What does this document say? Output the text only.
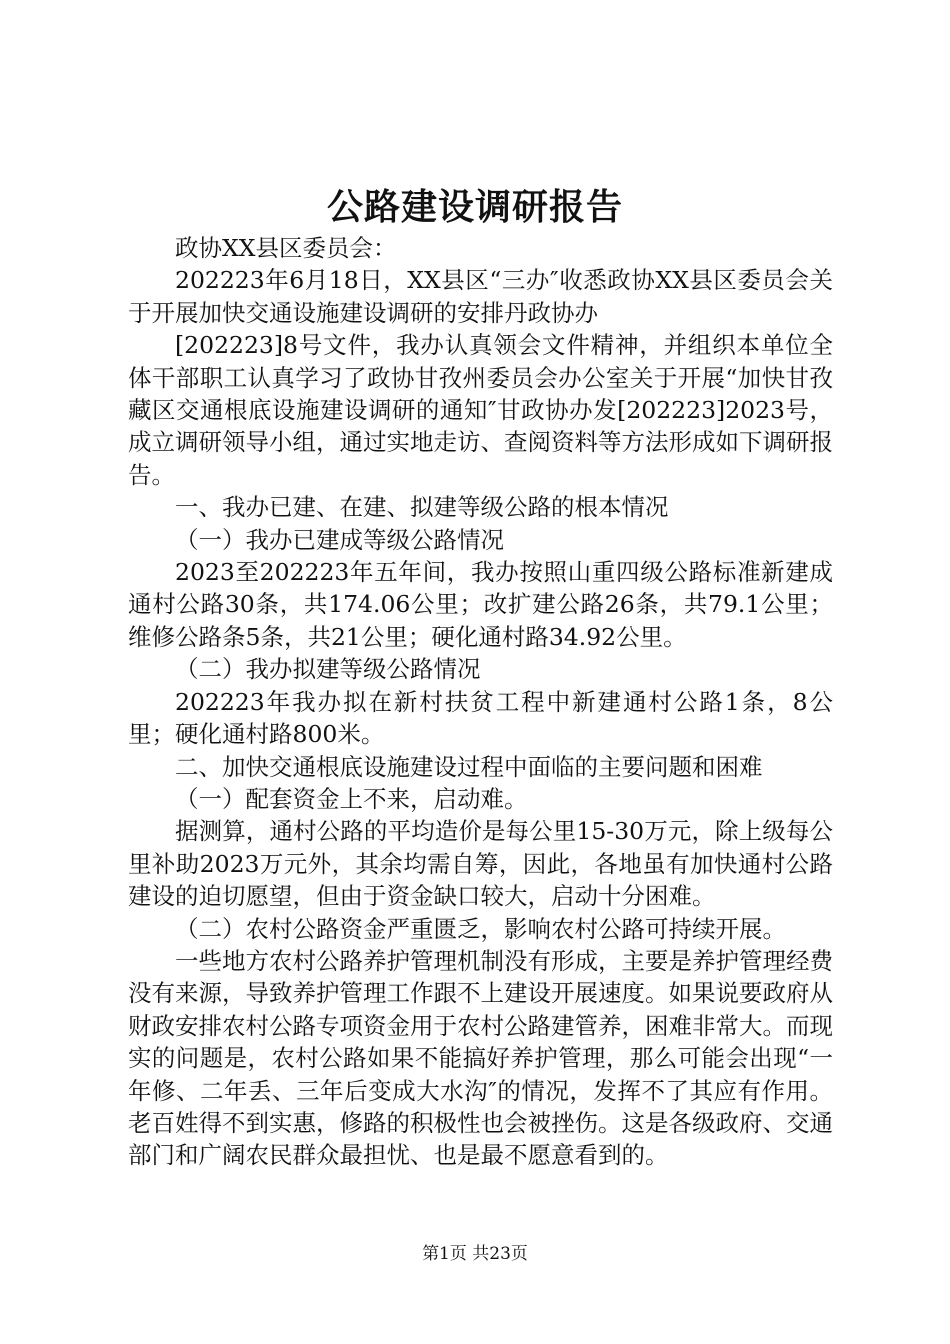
公路建设调研报告

政协XX县区委员会：

202223年6月18日，XX县区“三办″收悉政协XX县区委员会关于开展加快交通设施建设调研的安排丹政协办

[202223]8号文件，我办认真领会文件精神，并组织本单位全体干部职工认真学习了政协甘孜州委员会办公室关于开展“加快甘孜藏区交通根底设施建设调研的通知″甘政协办发[202223]2023号，成立调研领导小组，通过实地走访、查阅资料等方法形成如下调研报告。

一、我办已建、在建、拟建等级公路的根本情况

（一）我办已建成等级公路情况

2023至202223年五年间，我办按照山重四级公路标准新建成通村公路30条，共174.06公里；改扩建公路26条，共79.1公里；维修公路条5条，共21公里；硬化通村路34.92公里。

（二）我办拟建等级公路情况

202223年我办拟在新村扶贫工程中新建通村公路1条，8公里；硬化通村路800米。

二、加快交通根底设施建设过程中面临的主要问题和困难

（一）配套资金上不来，启动难。

据测算，通村公路的平均造价是每公里15-30万元，除上级每公里补助2023万元外，其余均需自筹，因此，各地虽有加快通村公路建设的迫切愿望，但由于资金缺口较大，启动十分困难。

（二）农村公路资金严重匮乏，影响农村公路可持续开展。

一些地方农村公路养护管理机制没有形成，主要是养护管理经费没有来源，导致养护管理工作跟不上建设开展速度。如果说要政府从财政安排农村公路专项资金用于农村公路建管养，困难非常大。而现实的问题是，农村公路如果不能搞好养护管理，那么可能会出现“一年修、二年丢、三年后变成大水沟″的情况，发挥不了其应有作用。老百姓得不到实惠，修路的积极性也会被挫伤。这是各级政府、交通部门和广阔农民群众最担忧、也是最不愿意看到的。

第1页 共23页
